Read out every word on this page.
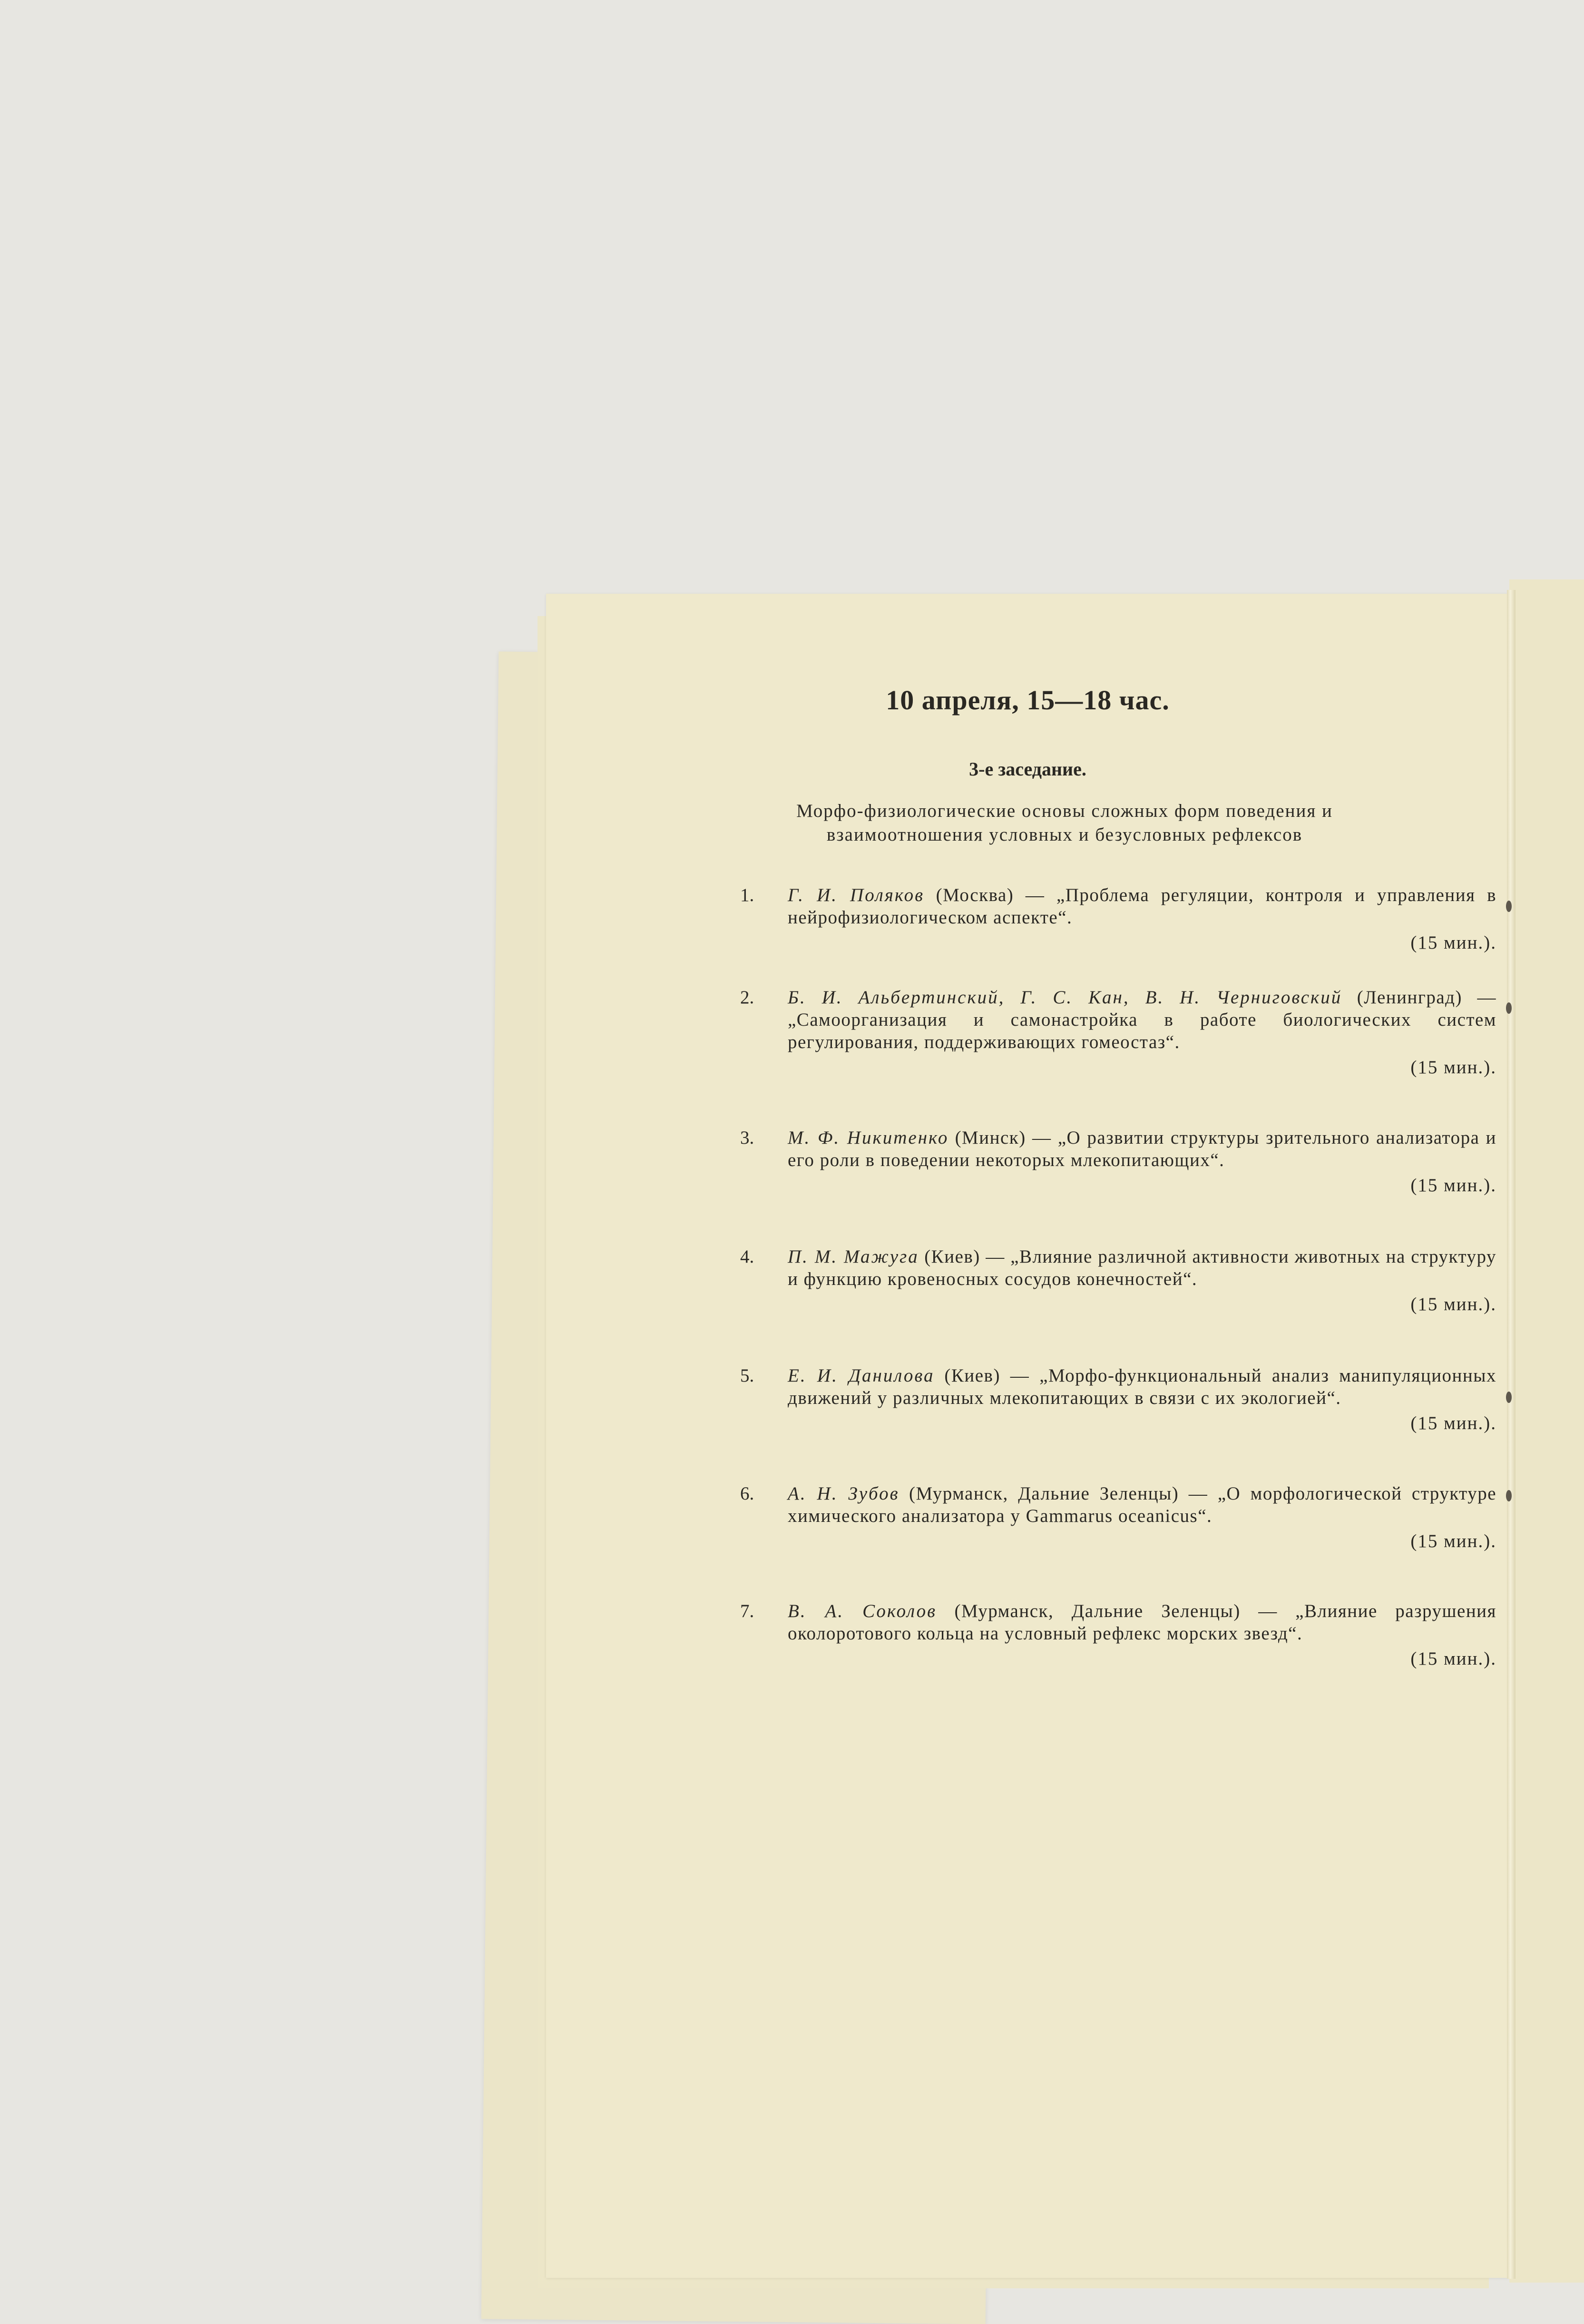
10 апреля, 15—18 час.
3-е заседание.
Морфо-физиологические основы сложных форм поведения и взаимоотношения условных и безусловных рефлексов
1.	Г. И. Поляков (Москва) — „Проблема регуляции, контроля и управления в нейрофизиологическом аспекте“.
(15 мин.).
2.	Б. И. Альбертинский, Г. С. Кан, В. Н. Черниговский (Ленинград) — „Самоорганизация и самонастройка в работе биологических систем регулирования, поддерживающих гомеостаз“.
(15 мин.).
3.	М. Ф. Никитенко (Минск) — „О развитии структуры зрительного анализатора и его роли в поведении некоторых млекопитающих“.
(15 мин.).
4.	П. М. Мажуга (Киев) — „Влияние различной активности животных на структуру и функцию кровеносных сосудов конечностей“.
(15 мин.).
5.	Е. И. Данилова (Киев) — „Морфо-функциональный анализ манипуляционных движений у различных млекопитающих в связи с их экологией“.
(15 мин.).
6.	А. Н. Зубов (Мурманск, Дальние Зеленцы) — „О морфологической структуре химического анализатора у Gammarus oceanicus“.
(15 мин.).
7.	В. А. Соколов (Мурманск, Дальние Зеленцы) — „Влияние разрушения околоротового кольца на условный рефлекс морских звезд“.
(15 мин.).
